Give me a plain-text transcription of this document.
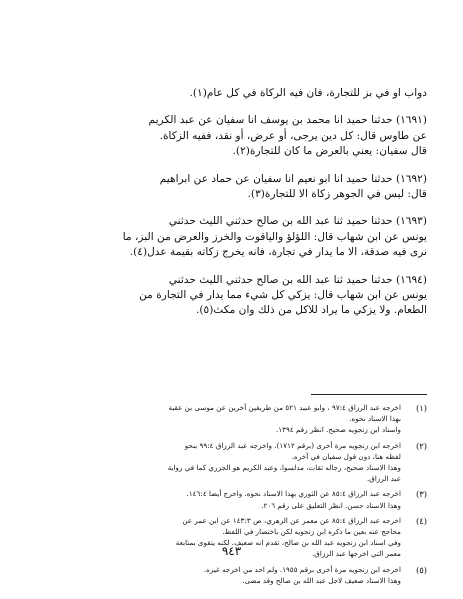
دواب او في بز للتجارة، فان فيه الركاة في كل عام(١).
(١٦٩١) حدثنا حميد انا محمد بن يوسف انا سفيان عن عبد الكريم
عن طاوس قال: كل دين يرجى، أو عرض، أو نقد، ففيه الزكاة.
قال سفيان: يعني بالعرض ما كان للتجارة(٢).
(١٦٩٢) حدثنا حميد انا ابو نعيم انا سفيان عن حماد عن ابراهيم
قال: ليس في الجوهر زكاة الا للتجارة(٣).
(١٦٩٣) حدثنا حميد ثنا عبد الله بن صالح حدثني الليث حدثني
يونس عن ابن شهاب قال: اللؤلؤ والياقوت والخرز والعرض من البز، ما
نرى فيه صدقة، الا ما يدار في تجارة، فانه يخرج زكاته بقيمة عدل(٤).
(١٦٩٤) حدثنا حميد ثنا عبد الله بن صالح حدثني الليث حدثني
يونس عن ابن شهاب قال: يزكي كل شيء مما يدار في التجارة من
الطعام. ولا يزكي ما يراد للاكل من ذلك وان مكث(٥).
(١)
اخرجه عبد الرزاق ٩٧:٤ ، وابو عبيد ٥٢١ من طريقين آخرين عن موسى بن عقبة
بهذا الاسناد نحوه.
واسناد ابن زنجويه صحيح. انظر رقم ١٣٩٤.
(٢)
اخرجه ابن زنجويه مرة أخرى (برقم ١٧١٢). واخرجه عبد الرزاق ٩٩:٤ بنحو
لفظه هنا، دون قول سفيان في آخره.
وهذا الاسناد صحيح، رجاله ثقات، مدلسوا، وعبد الكريم هو الجزري كما في رواية
عبد الرزاق.
(٣)
اخرجه عبد الرزاق ٨٥:٤ عن الثوري بهذا الاسناد نحوه. واخرج أيضا ١٤٦:٤.
وهذا الاسناد حسن. انظر التعليق على رقم ٢٠٦.
(٤)
اخرجه عبد الرزاق ٨٥:٤ عن معمر عن الزهري، ص ١٤٣:٣ عن ابن عمر عن
محاجج عنه بعين ما ذكره ابن زنجويه لكن باختصار في اللفظ.
وفي اسناد ابن زنجويه عبد الله بن صالح، تقدم انه صعيف. لكنه يتقوى بمتابعة
معمر التي اخرجها عبد الرزاق.
(٥)
اخرجه ابن زنجويه مرة أخرى برقم ١٩٥٥. ولم احد من اخرجه غيره.
وهذا الاسناد صعيف لاجل عبد الله بن صالح وقد مضى.
٩٤٣
